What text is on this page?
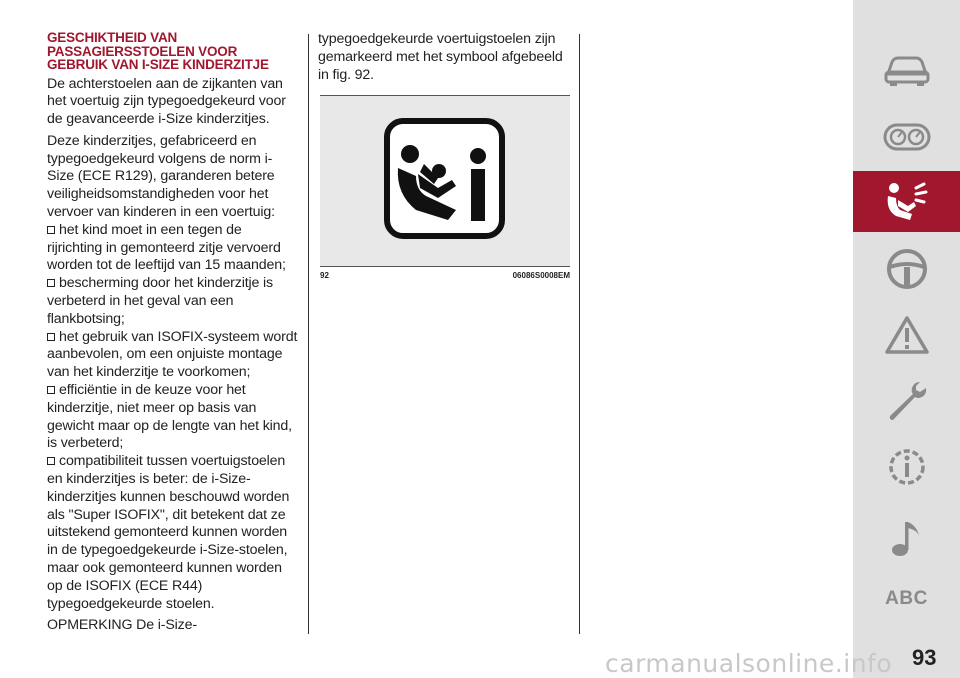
GESCHIKTHEID VAN PASSAGIERSSTOELEN VOOR GEBRUIK VAN I-SIZE KINDERZITJE
De achterstoelen aan de zijkanten van het voertuig zijn typegoedgekeurd voor de geavanceerde i-Size kinderzitjes.
Deze kinderzitjes, gefabriceerd en typegoedgekeurd volgens de norm i-Size (ECE R129), garanderen betere veiligheidsomstandigheden voor het vervoer van kinderen in een voertuig:
het kind moet in een tegen de rijrichting in gemonteerd zitje vervoerd worden tot de leeftijd van 15 maanden;
bescherming door het kinderzitje is verbeterd in het geval van een flankbotsing;
het gebruik van ISOFIX-systeem wordt aanbevolen, om een onjuiste montage van het kinderzitje te voorkomen;
efficiëntie in de keuze voor het kinderzitje, niet meer op basis van gewicht maar op de lengte van het kind, is verbeterd;
compatibiliteit tussen voertuigstoelen en kinderzitjes is beter: de i-Size-kinderzitjes kunnen beschouwd worden als "Super ISOFIX", dit betekent dat ze uitstekend gemonteerd kunnen worden in de typegoedgekeurde i-Size-stoelen, maar ook gemonteerd kunnen worden op de ISOFIX (ECE R44) typegoedgekeurde stoelen.
OPMERKING De i-Size-
typegoedgekeurde voertuigstoelen zijn gemarkeerd met het symbool afgebeeld in fig. 92.
92	06086S0008EM
ABC
carmanualsonline.info 93
